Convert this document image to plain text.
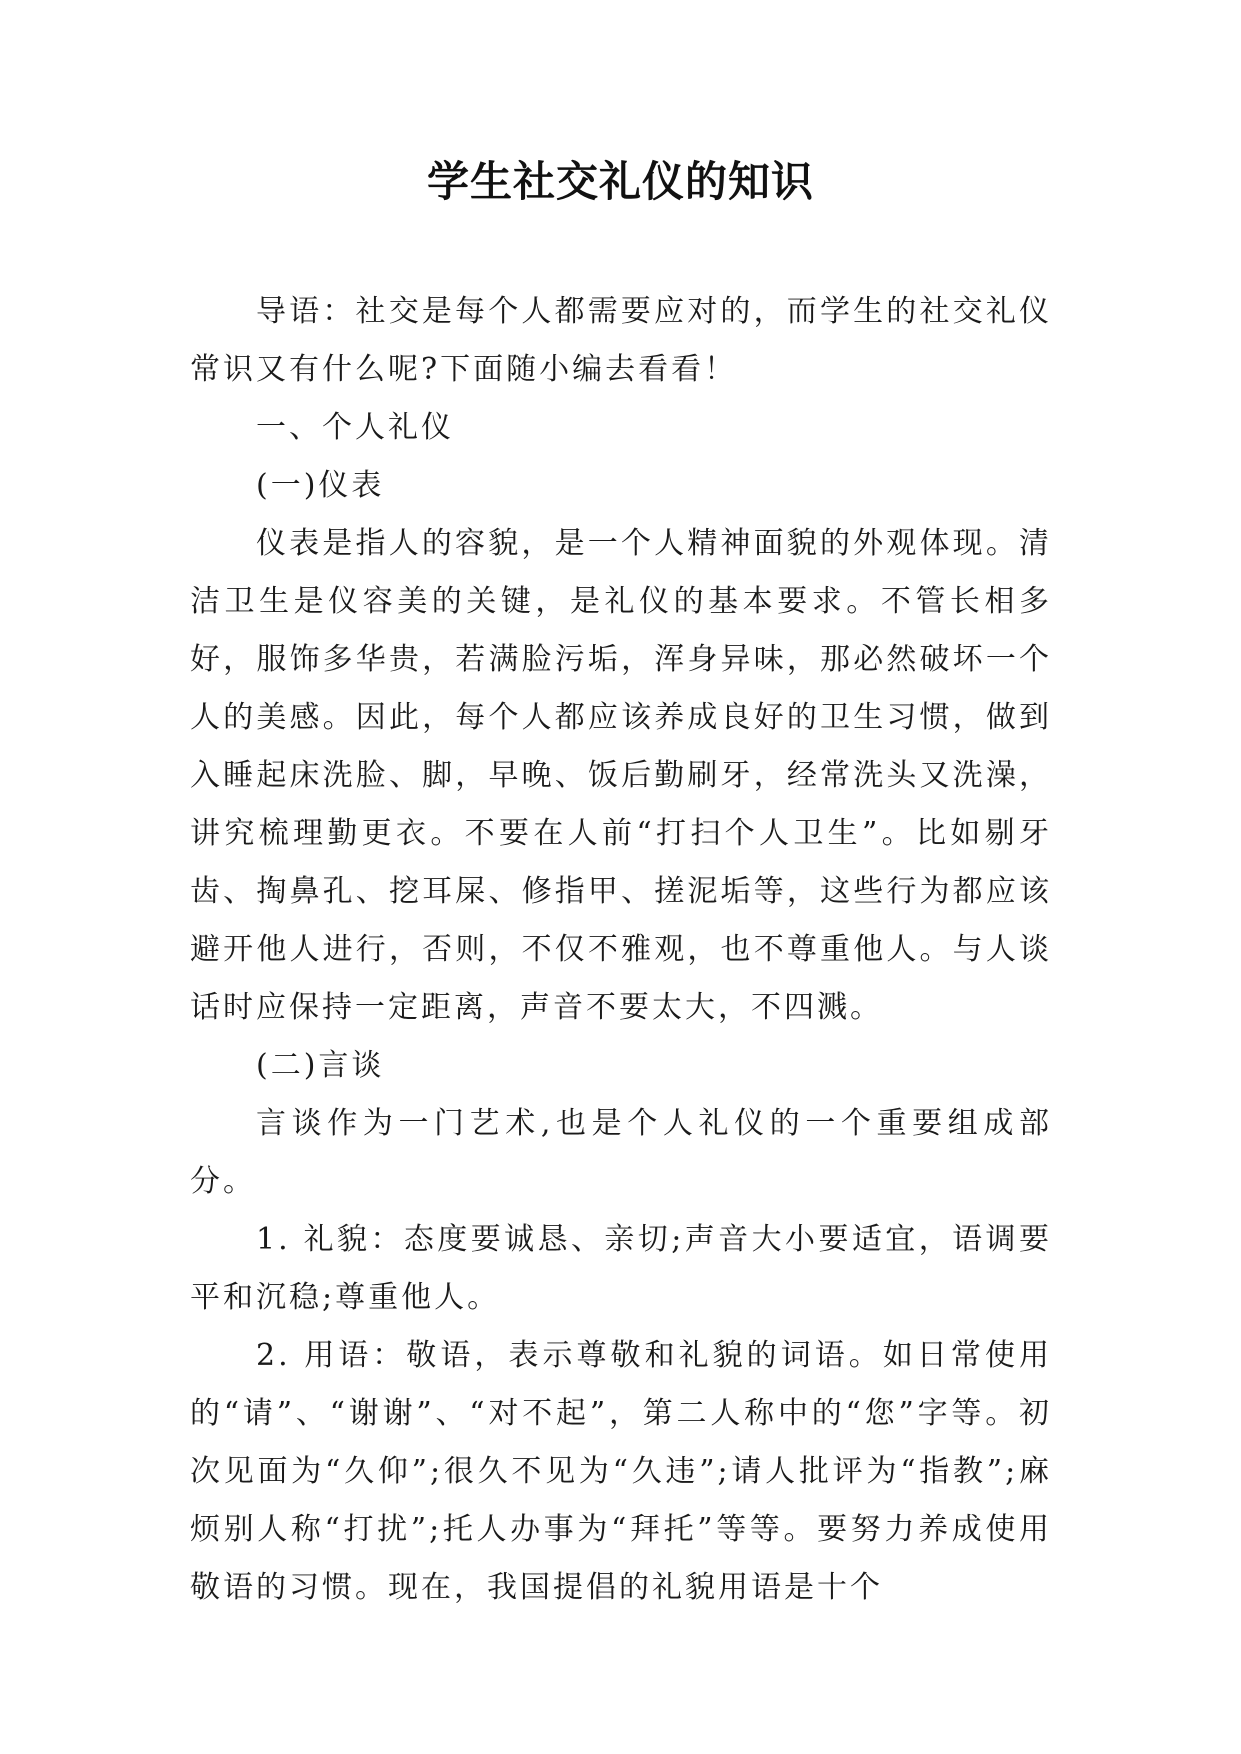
学生社交礼仪的知识

导语：社交是每个人都需要应对的，而学生的社交礼仪常识又有什么呢?下面随小编去看看！

一、个人礼仪

(一)仪表

仪表是指人的容貌，是一个人精神面貌的外观体现。清洁卫生是仪容美的关键，是礼仪的基本要求。不管长相多好，服饰多华贵，若满脸污垢，浑身异味，那必然破坏一个人的美感。因此，每个人都应该养成良好的卫生习惯，做到入睡起床洗脸、脚，早晚、饭后勤刷牙，经常洗头又洗澡，讲究梳理勤更衣。不要在人前“打扫个人卫生”。比如剔牙齿、掏鼻孔、挖耳屎、修指甲、搓泥垢等，这些行为都应该避开他人进行，否则，不仅不雅观，也不尊重他人。与人谈话时应保持一定距离，声音不要太大，不四溅。

(二)言谈

言谈作为一门艺术,也是个人礼仪的一个重要组成部分。

1. 礼貌：态度要诚恳、亲切;声音大小要适宜，语调要平和沉稳;尊重他人。

2. 用语：敬语，表示尊敬和礼貌的词语。如日常使用的“请”、“谢谢”、“对不起”，第二人称中的“您”字等。初次见面为“久仰”;很久不见为“久违”;请人批评为“指教”;麻烦别人称“打扰”;托人办事为“拜托”等等。要努力养成使用敬语的习惯。现在，我国提倡的礼貌用语是十个
